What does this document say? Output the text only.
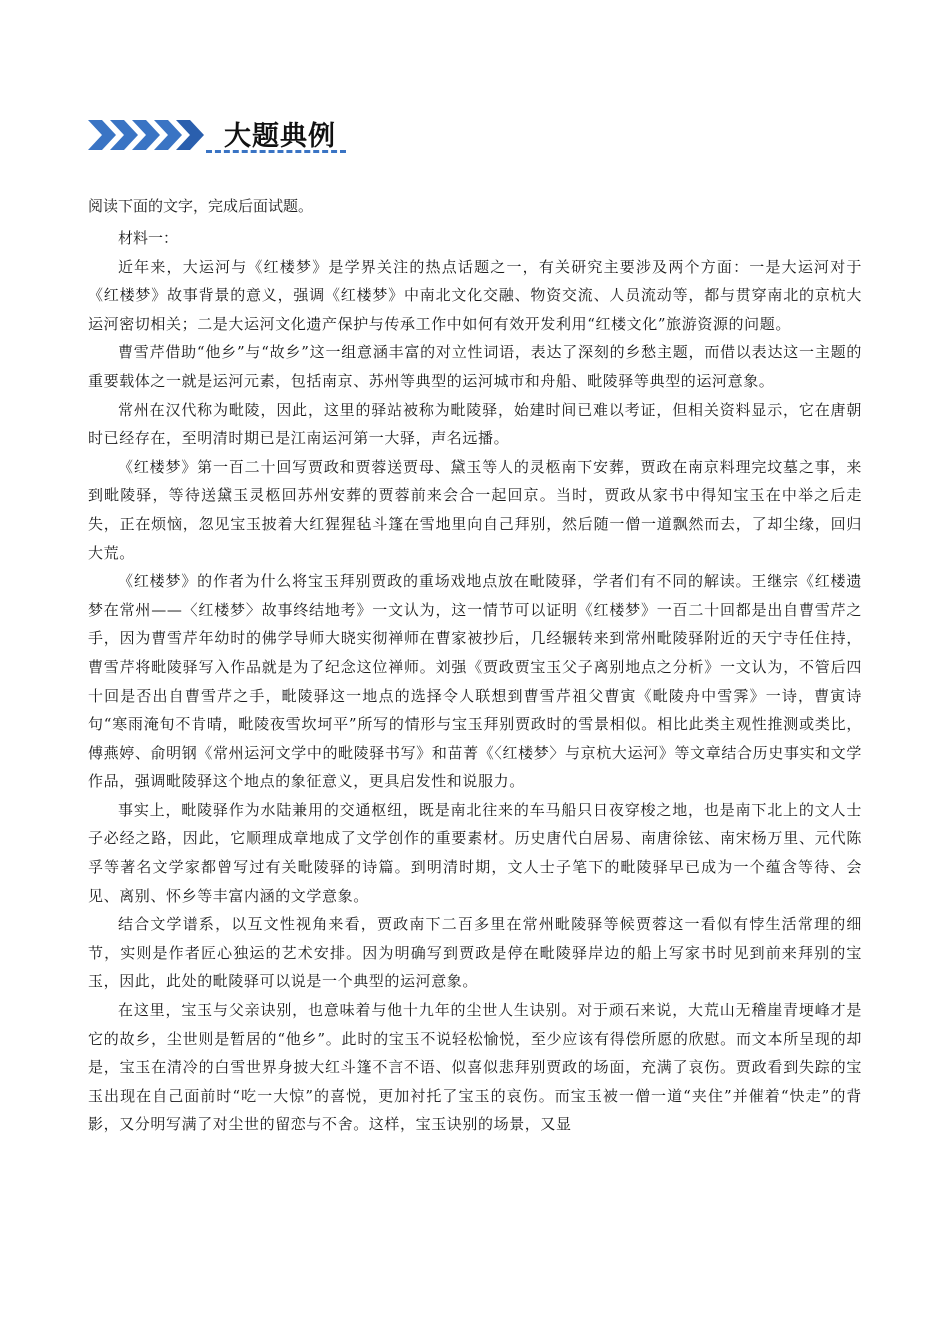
大题典例

阅读下面的文字，完成后面试题。

材料一：

近年来，大运河与《红楼梦》是学界关注的热点话题之一，有关研究主要涉及两个方面：一是大运河对于《红楼梦》故事背景的意义，强调《红楼梦》中南北文化交融、物资交流、人员流动等，都与贯穿南北的京杭大运河密切相关；二是大运河文化遗产保护与传承工作中如何有效开发利用“红楼文化”旅游资源的问题。

曹雪芹借助“他乡”与“故乡”这一组意涵丰富的对立性词语，表达了深刻的乡愁主题，而借以表达这一主题的重要载体之一就是运河元素，包括南京、苏州等典型的运河城市和舟船、毗陵驿等典型的运河意象。

常州在汉代称为毗陵，因此，这里的驿站被称为毗陵驿，始建时间已难以考证，但相关资料显示，它在唐朝时已经存在，至明清时期已是江南运河第一大驿，声名远播。

《红楼梦》第一百二十回写贾政和贾蓉送贾母、黛玉等人的灵柩南下安葬，贾政在南京料理完坟墓之事，来到毗陵驿，等待送黛玉灵柩回苏州安葬的贾蓉前来会合一起回京。当时，贾政从家书中得知宝玉在中举之后走失，正在烦恼，忽见宝玉披着大红猩猩毡斗篷在雪地里向自己拜别，然后随一僧一道飘然而去，了却尘缘，回归大荒。

《红楼梦》的作者为什么将宝玉拜别贾政的重场戏地点放在毗陵驿，学者们有不同的解读。王继宗《红楼遗梦在常州——〈红楼梦〉故事终结地考》一文认为，这一情节可以证明《红楼梦》一百二十回都是出自曹雪芹之手，因为曹雪芹年幼时的佛学导师大晓实彻禅师在曹家被抄后，几经辗转来到常州毗陵驿附近的天宁寺任住持，曹雪芹将毗陵驿写入作品就是为了纪念这位禅师。刘强《贾政贾宝玉父子离别地点之分析》一文认为，不管后四十回是否出自曹雪芹之手，毗陵驿这一地点的选择令人联想到曹雪芹祖父曹寅《毗陵舟中雪霁》一诗，曹寅诗句“寒雨淹旬不肯晴，毗陵夜雪坎坷平”所写的情形与宝玉拜别贾政时的雪景相似。相比此类主观性推测或类比，傅燕婷、俞明钢《常州运河文学中的毗陵驿书写》和苗菁《〈红楼梦〉与京杭大运河》等文章结合历史事实和文学作品，强调毗陵驿这个地点的象征意义，更具启发性和说服力。

事实上，毗陵驿作为水陆兼用的交通枢纽，既是南北往来的车马船只日夜穿梭之地，也是南下北上的文人士子必经之路，因此，它顺理成章地成了文学创作的重要素材。历史唐代白居易、南唐徐铉、南宋杨万里、元代陈孚等著名文学家都曾写过有关毗陵驿的诗篇。到明清时期，文人士子笔下的毗陵驿早已成为一个蕴含等待、会见、离别、怀乡等丰富内涵的文学意象。

结合文学谱系，以互文性视角来看，贾政南下二百多里在常州毗陵驿等候贾蓉这一看似有悖生活常理的细节，实则是作者匠心独运的艺术安排。因为明确写到贾政是停在毗陵驿岸边的船上写家书时见到前来拜别的宝玉，因此，此处的毗陵驿可以说是一个典型的运河意象。

在这里，宝玉与父亲诀别，也意味着与他十九年的尘世人生诀别。对于顽石来说，大荒山无稽崖青埂峰才是它的故乡，尘世则是暂居的“他乡”。此时的宝玉不说轻松愉悦，至少应该有得偿所愿的欣慰。而文本所呈现的却是，宝玉在清冷的白雪世界身披大红斗篷不言不语、似喜似悲拜别贾政的场面，充满了哀伤。贾政看到失踪的宝玉出现在自己面前时“吃一大惊”的喜悦，更加衬托了宝玉的哀伤。而宝玉被一僧一道“夹住”并催着“快走”的背影，又分明写满了对尘世的留恋与不舍。这样，宝玉诀别的场景，又显
